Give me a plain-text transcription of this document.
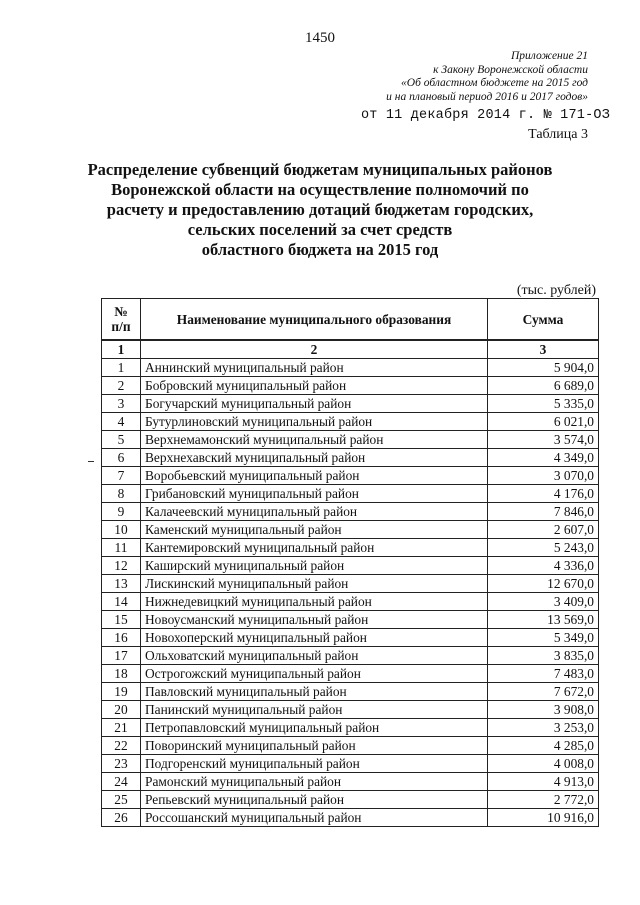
1450
Приложение 21
к Закону Воронежской области
«Об областном бюджете на 2015 год
и на плановый период 2016 и 2017 годов»
от 11 декабря 2014 г. № 171-ОЗ
Таблица 3
Распределение субвенций бюджетам муниципальных районов
Воронежской области на осуществление полномочий по
расчету и предоставлению дотаций бюджетам городских,
сельских поселений за счет средств
областного бюджета на 2015 год
(тыс. рублей)
№
п/п	Наименование муниципального образования	Сумма
1	2	3
1	Аннинский муниципальный район	5 904,0
2	Бобровский муниципальный район	6 689,0
3	Богучарский муниципальный район	5 335,0
4	Бутурлиновский муниципальный район	6 021,0
5	Верхнемамонский муниципальный район	3 574,0
6	Верхнехавский муниципальный район	4 349,0
7	Воробьевский муниципальный район	3 070,0
8	Грибановский муниципальный район	4 176,0
9	Калачеевский муниципальный район	7 846,0
10	Каменский муниципальный район	2 607,0
11	Кантемировский муниципальный район	5 243,0
12	Каширский муниципальный район	4 336,0
13	Лискинский муниципальный район	12 670,0
14	Нижнедевицкий муниципальный район	3 409,0
15	Новоусманский муниципальный район	13 569,0
16	Новохоперский муниципальный район	5 349,0
17	Ольховатский муниципальный район	3 835,0
18	Острогожский муниципальный район	7 483,0
19	Павловский муниципальный район	7 672,0
20	Панинский муниципальный район	3 908,0
21	Петропавловский муниципальный район	3 253,0
22	Поворинский муниципальный район	4 285,0
23	Подгоренский муниципальный район	4 008,0
24	Рамонский муниципальный район	4 913,0
25	Репьевский муниципальный район	2 772,0
26	Россошанский муниципальный район	10 916,0
